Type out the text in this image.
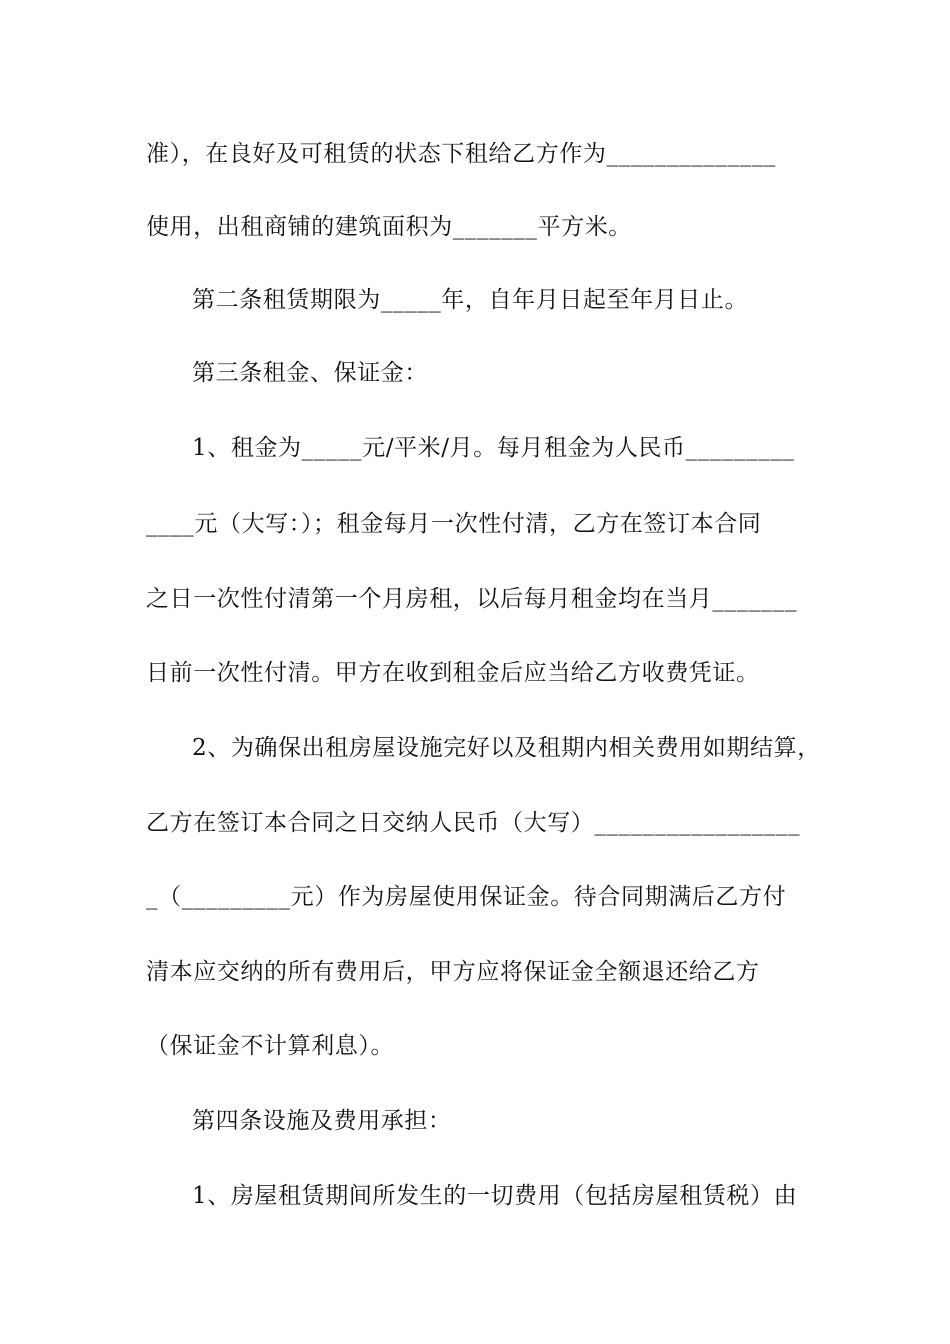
准），在良好及可租赁的状态下租给乙方作为______________
使用，出租商铺的建筑面积为_______平方米。
第二条租赁期限为_____年，自年月日起至年月日止。
第三条租金、保证金：
1、租金为_____元/平米/月。每月租金为人民币_________
____元（大写：）；租金每月一次性付清，乙方在签订本合同
之日一次性付清第一个月房租，以后每月租金均在当月_______
日前一次性付清。甲方在收到租金后应当给乙方收费凭证。
2、为确保出租房屋设施完好以及租期内相关费用如期结算，
乙方在签订本合同之日交纳人民币（大写）_________________
_（_________元）作为房屋使用保证金。待合同期满后乙方付
清本应交纳的所有费用后，甲方应将保证金全额退还给乙方
（保证金不计算利息）。
第四条设施及费用承担：
1、房屋租赁期间所发生的一切费用（包括房屋租赁税）由
